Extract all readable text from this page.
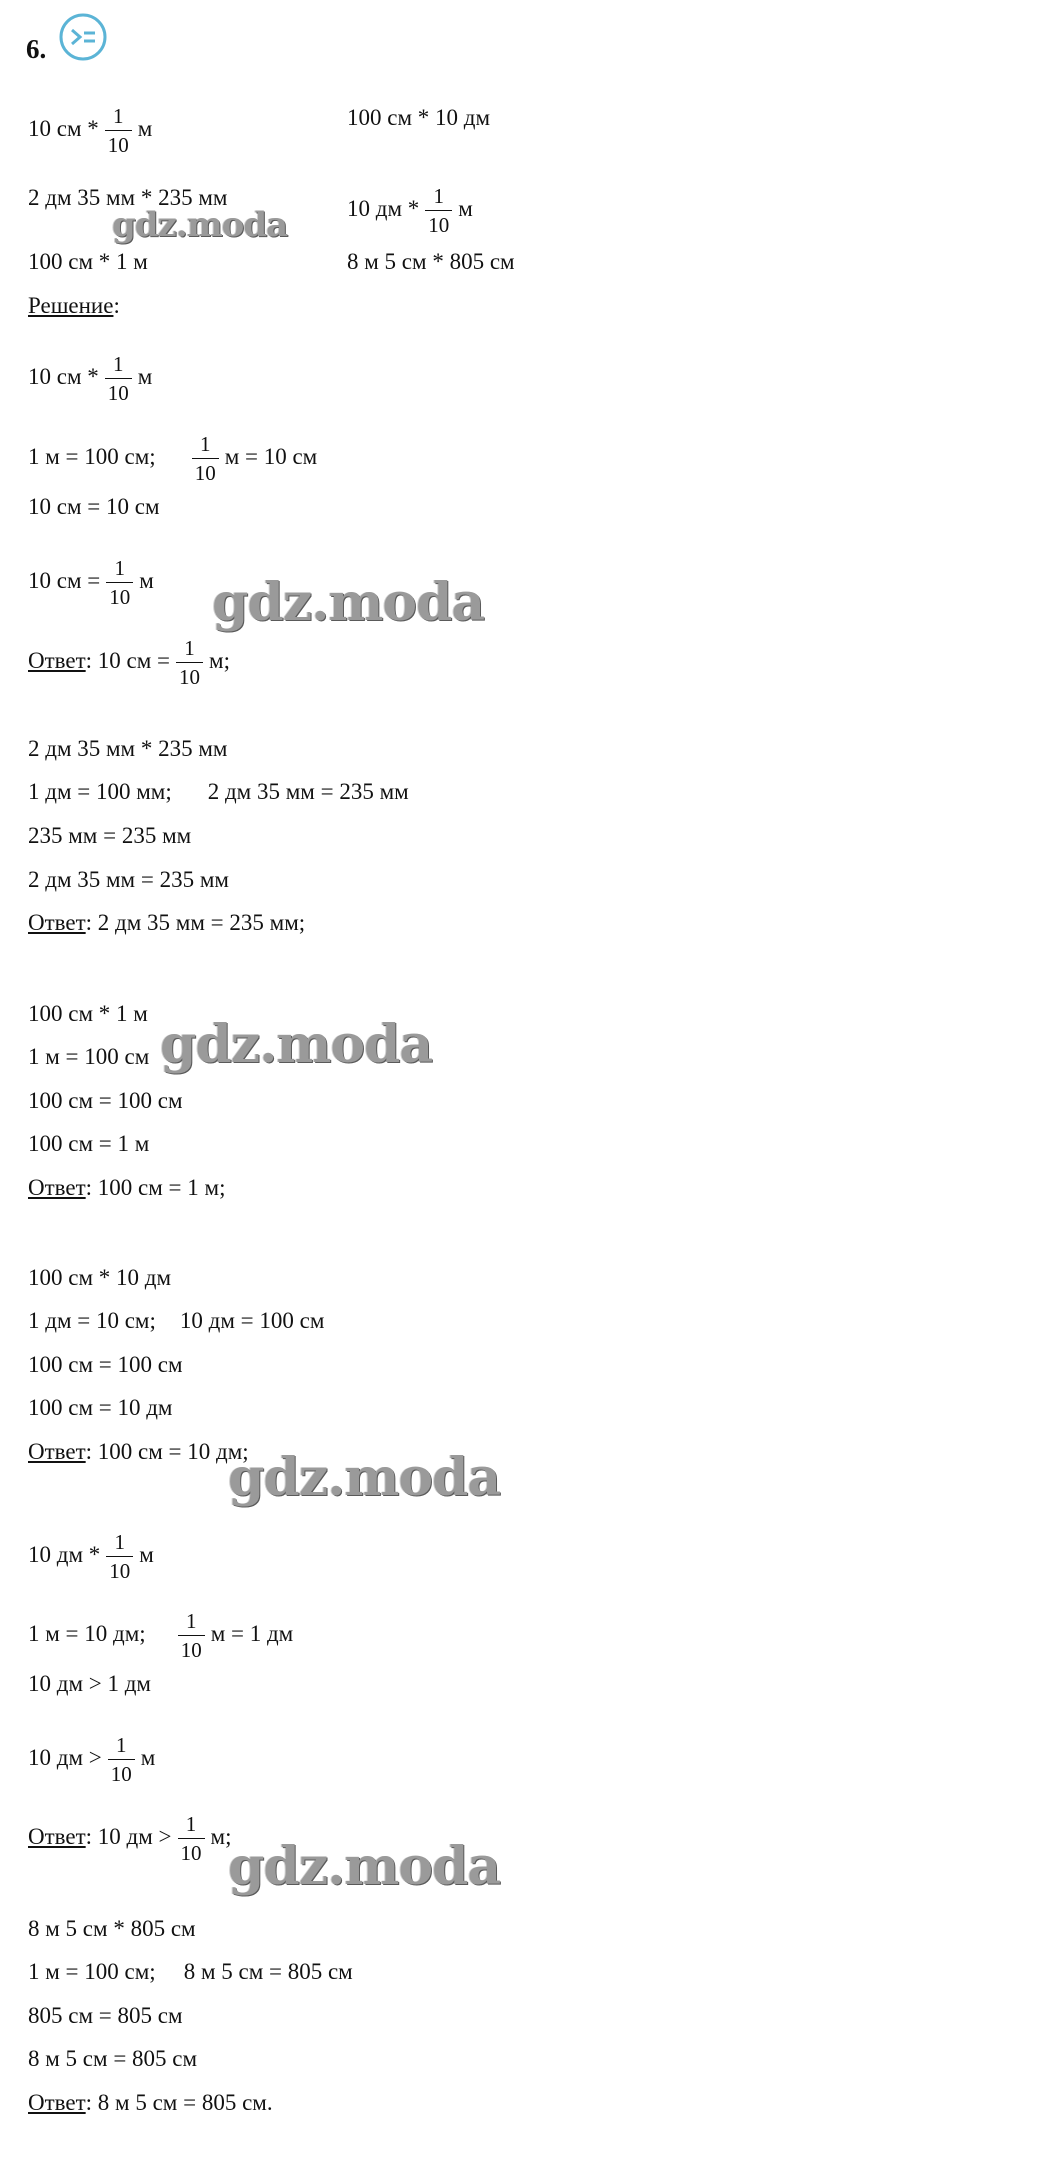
6.
10 см * $\frac{1}{10}$ м	100 см * 10 дм
2 дм 35 мм * 235 мм	10 дм * $\frac{1}{10}$ м
100 см * 1 м	8 м 5 см * 805 см
Решение:
10 см * $\frac{1}{10}$ м
1 м = 100 см; $\frac{1}{10}$ м = 10 см
10 см = 10 см
10 см = $\frac{1}{10}$ м
Ответ: 10 см = $\frac{1}{10} м$;
2 дм 35 мм * 235 мм
1 дм = 100 мм; 2 дм 35 мм = 235 мм
235 мм = 235 мм
2 дм 35 мм = 235 мм
Ответ: 2 дм 35 мм = 235 мм;
100 см * 1 м
1 м = 100 см
100 см = 100 см
100 см = 1 м
Ответ: 100 см = 1 м;
100 см * 10 дм
1 дм = 10 см; 10 дм = 100 см
100 см = 100 см
100 см = 10 дм
Ответ: 100 см = 10 дм;
10 дм * $\frac{1}{10}$ м
1 м = 10 дм; $\frac{1}{10}$ м = 1 дм
10 дм > 1 дм
10 дм > $\frac{1}{10}$ м
Ответ: 10 дм > $\frac{1}{10} м$;
8 м 5 см * 805 см
1 м = 100 см; 8 м 5 см = 805 см
805 см = 805 см
8 м 5 см = 805 см
Ответ: 8 м 5 см = 805 см.
gdz.moda
gdz.moda
gdz.moda
gdz.moda
gdz.moda
